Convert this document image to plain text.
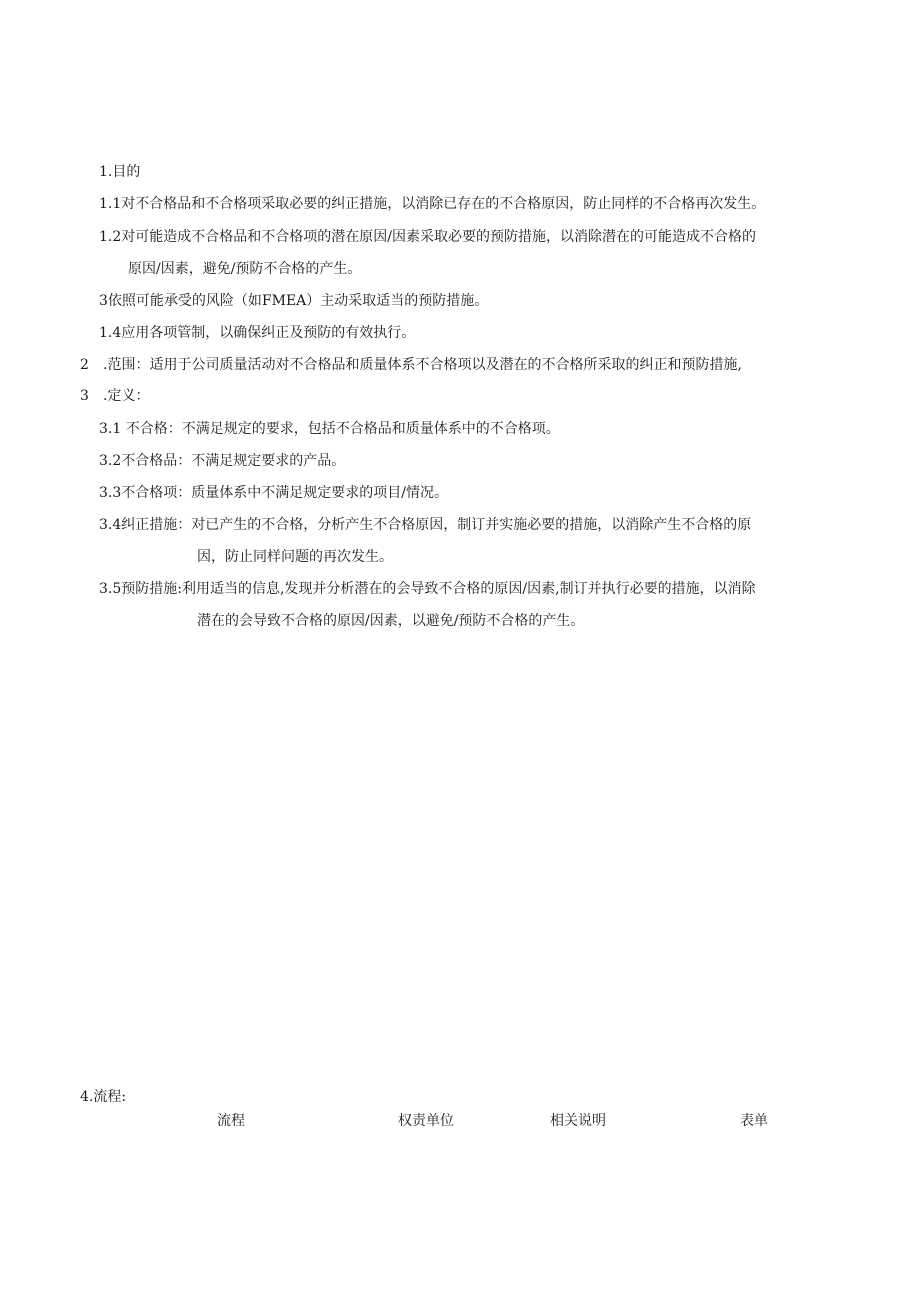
1.目的
1.1对不合格品和不合格项采取必要的纠正措施，以消除已存在的不合格原因，防止同样的不合格再次发生。
1.2对可能造成不合格品和不合格项的潜在原因/因素采取必要的预防措施，以消除潜在的可能造成不合格的
原因/因素，避免/预防不合格的产生。
3依照可能承受的风险（如FMEA）主动采取适当的预防措施。
1.4应用各项管制，以确保纠正及预防的有效执行。
2 .范围：适用于公司质量活动对不合格品和质量体系不合格项以及潜在的不合格所采取的纠正和预防措施,
3 .定义：
3.1 不合格：不满足规定的要求，包括不合格品和质量体系中的不合格项。
3.2不合格品：不满足规定要求的产品。
3.3不合格项：质量体系中不满足规定要求的项目/情况。
3.4纠正措施：对已产生的不合格，分析产生不合格原因，制订并实施必要的措施，以消除产生不合格的原
因，防止同样问题的再次发生。
3.5预防措施:利用适当的信息,发现并分析潜在的会导致不合格的原因/因素,制订并执行必要的措施，以消除
潜在的会导致不合格的原因/因素，以避免/预防不合格的产生。
4.流程:
流程	权责单位	相关说明	表单
